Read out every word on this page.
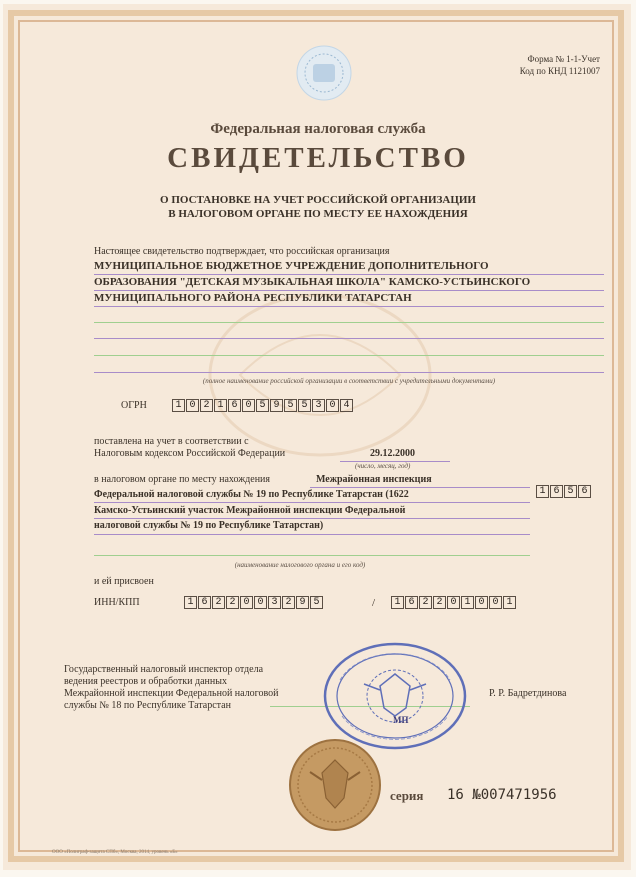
Форма № 1-1-Учет
Код по КНД 1121007
Федеральная налоговая служба
СВИДЕТЕЛЬСТВО
О ПОСТАНОВКЕ НА УЧЕТ РОССИЙСКОЙ ОРГАНИЗАЦИИ
В НАЛОГОВОМ ОРГАНЕ ПО МЕСТУ ЕЕ НАХОЖДЕНИЯ
Настоящее свидетельство подтверждает, что российская организация
МУНИЦИПАЛЬНОЕ БЮДЖЕТНОЕ УЧРЕЖДЕНИЕ ДОПОЛНИТЕЛЬНОГО
ОБРАЗОВАНИЯ "ДЕТСКАЯ МУЗЫКАЛЬНАЯ ШКОЛА" КАМСКО-УСТЬИНСКОГО
МУНИЦИПАЛЬНОГО РАЙОНА РЕСПУБЛИКИ ТАТАРСТАН
(полное наименование российской организации в соответствии с учредительными документами)
ОГРН	1 0 2 1 6 0 5 9 5 5 3 0 4
поставлена на учет в соответствии с
Налоговым кодексом Российской Федерации	29.12.2000
(число, месяц, год)
в налоговом органе по месту нахождения	Межрайонная инспекция
Федеральной налоговой службы № 19 по Республике Татарстан (1622	1 6 5 6
Камско-Устьинский участок Межрайонной инспекции Федеральной
налоговой службы № 19 по Республике Татарстан)
(наименование налогового органа и его код)
и ей присвоен
ИНН/КПП	1 6 2 2 0 0 3 2 9 5	/	1 6 2 2 0 1 0 0 1
Государственный налоговый инспектор отдела
ведения реестров и обработки данных
Межрайонной инспекции Федеральной налоговой
службы № 18 по Республике Татарстан
Р. Р. Бадретдинова
МП
серия 16 №007471956
ООО «Полиграф-защита СПб», Москва, 2014, уровень «Б»
